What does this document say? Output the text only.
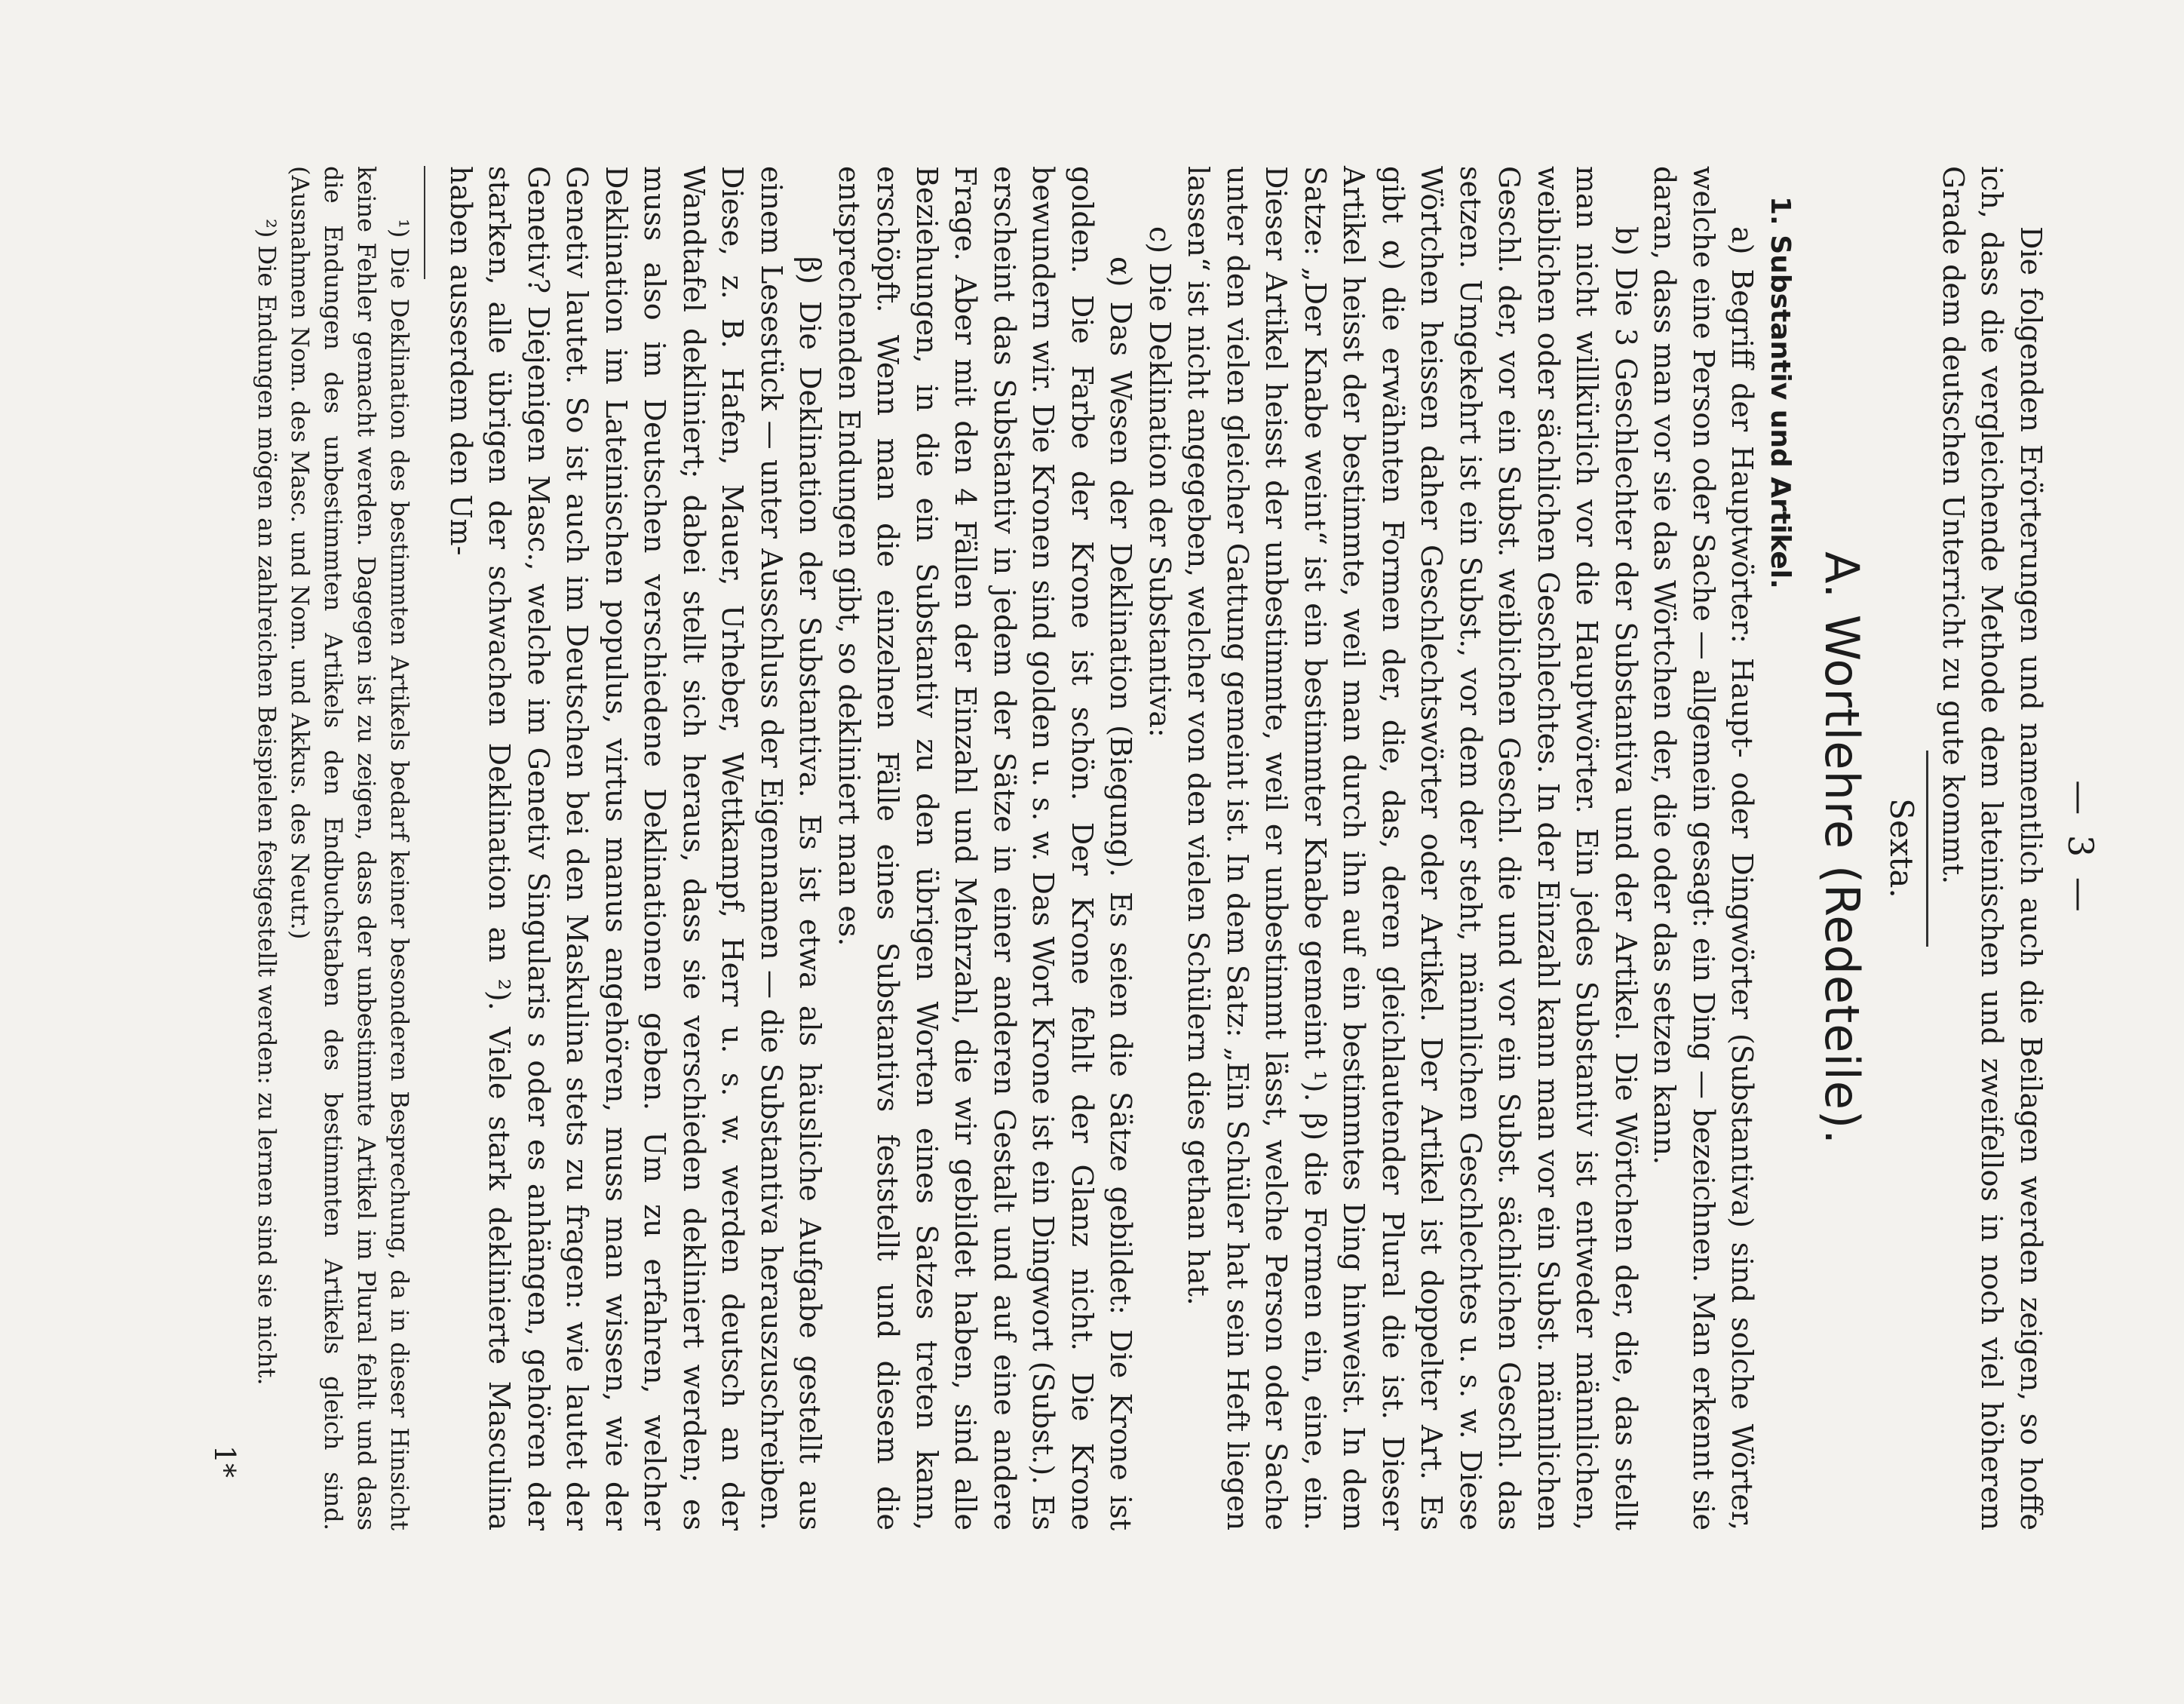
— 3 —

Die folgenden Erörterungen und namentlich auch die Beilagen werden zeigen, so hoffe ich, dass die vergleichende Methode dem lateinischen und zweifellos in noch viel höherem Grade dem deutschen Unterricht zu gute kommt.

Sexta.
A. Wortlehre (Redeteile).
1. Substantiv und Artikel.

a) Begriff der Hauptwörter: Haupt- oder Dingwörter (Substantiva) sind solche Wörter, welche eine Person oder Sache — allgemein gesagt: ein Ding — bezeichnen. Man erkennt sie daran, dass man vor sie das Wörtchen der, die oder das setzen kann.

b) Die 3 Geschlechter der Substantiva und der Artikel. Die Wörtchen der, die, das stellt man nicht willkürlich vor die Hauptwörter. Ein jedes Substantiv ist entweder männlichen, weiblichen oder sächlichen Geschlechtes. In der Einzahl kann man vor ein Subst. männlichen Geschl. der, vor ein Subst. weiblichen Geschl. die und vor ein Subst. sächlichen Geschl. das setzen. Umgekehrt ist ein Subst., vor dem der steht, männlichen Geschlechtes u. s. w. Diese Wörtchen heissen daher Geschlechtswörter oder Artikel. Der Artikel ist doppelter Art. Es gibt α) die erwähnten Formen der, die, das, deren gleichlautender Plural die ist. Dieser Artikel heisst der bestimmte, weil man durch ihn auf ein bestimmtes Ding hinweist. In dem Satze: „Der Knabe weint“ ist ein bestimmter Knabe gemeint ¹). β) die Formen ein, eine, ein. Dieser Artikel heisst der unbestimmte, weil er unbestimmt lässt, welche Person oder Sache unter den vielen gleicher Gattung gemeint ist. In dem Satz: „Ein Schüler hat sein Heft liegen lassen“ ist nicht angegeben, welcher von den vielen Schülern dies gethan hat.

c) Die Deklination der Substantiva:

α) Das Wesen der Deklination (Biegung). Es seien die Sätze gebildet: Die Krone ist golden. Die Farbe der Krone ist schön. Der Krone fehlt der Glanz nicht. Die Krone bewundern wir. Die Kronen sind golden u. s. w. Das Wort Krone ist ein Dingwort (Subst.). Es erscheint das Substantiv in jedem der Sätze in einer anderen Gestalt und auf eine andere Frage. Aber mit den 4 Fällen der Einzahl und Mehrzahl, die wir gebildet haben, sind alle Beziehungen, in die ein Substantiv zu den übrigen Worten eines Satzes treten kann, erschöpft. Wenn man die einzelnen Fälle eines Substantivs feststellt und diesem die entsprechenden Endungen gibt, so dekliniert man es.

β) Die Deklination der Substantiva. Es ist etwa als häusliche Aufgabe gestellt aus einem Lesestück — unter Ausschluss der Eigennamen — die Substantiva herauszuschreiben. Diese, z. B. Hafen, Mauer, Urheber, Wettkampf, Herr u. s. w. werden deutsch an der Wandtafel dekliniert; dabei stellt sich heraus, dass sie verschieden dekliniert werden; es muss also im Deutschen verschiedene Deklinationen geben. Um zu erfahren, welcher Deklination im Lateinischen populus, virtus manus angehören, muss man wissen, wie der Genetiv lautet. So ist auch im Deutschen bei den Maskulina stets zu fragen: wie lautet der Genetiv? Diejenigen Masc., welche im Genetiv Singularis s oder es anhängen, gehören der starken, alle übrigen der schwachen Deklination an ²). Viele stark deklinierte Masculina haben ausserdem den Um-

¹) Die Deklination des bestimmten Artikels bedarf keiner besonderen Besprechung, da in dieser Hinsicht keine Fehler gemacht werden. Dagegen ist zu zeigen, dass der unbestimmte Artikel im Plural fehlt und dass die Endungen des unbestimmten Artikels den Endbuchstaben des bestimmten Artikels gleich sind. (Ausnahmen Nom. des Masc. und Nom. und Akkus. des Neutr.)

²) Die Endungen mögen an zahlreichen Beispielen festgestellt werden: zu lernen sind sie nicht.

1*
